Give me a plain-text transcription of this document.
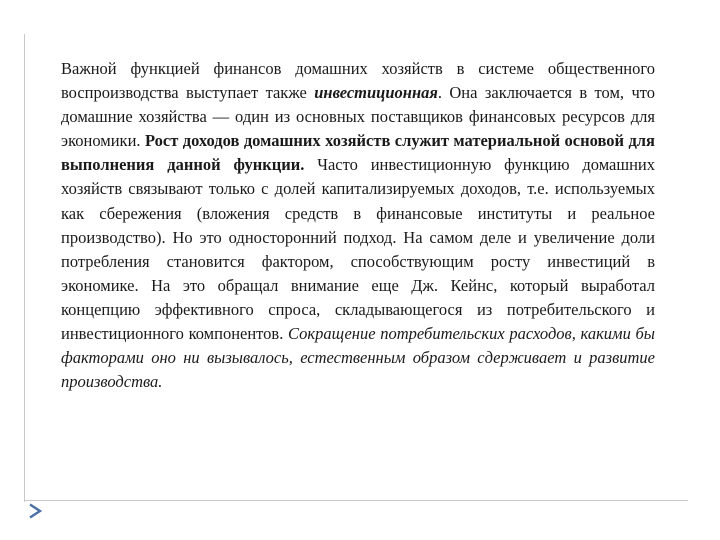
Важной функцией финансов домашних хозяйств в системе общественного воспроизводства выступает также инвестиционная. Она заключается в том, что домашние хозяйства — один из основных поставщиков финансовых ресурсов для экономики. Рост доходов домашних хозяйств служит материальной основой для выполнения данной функции. Часто инвестиционную функцию домашних хозяйств связывают только с долей капитализируемых доходов, т.е. используемых как сбережения (вложения средств в финансовые институты и реальное производство). Но это односторонний подход. На самом деле и увеличение доли потребления становится фактором, способствующим росту инвестиций в экономике. На это обращал внимание еще Дж. Кейнс, который выработал концепцию эффективного спроса, складывающегося из потребительского и инвестиционного компонентов. Сокращение потребительских расходов, какими бы факторами оно ни вызывалось, естественным образом сдерживает и развитие производства.
